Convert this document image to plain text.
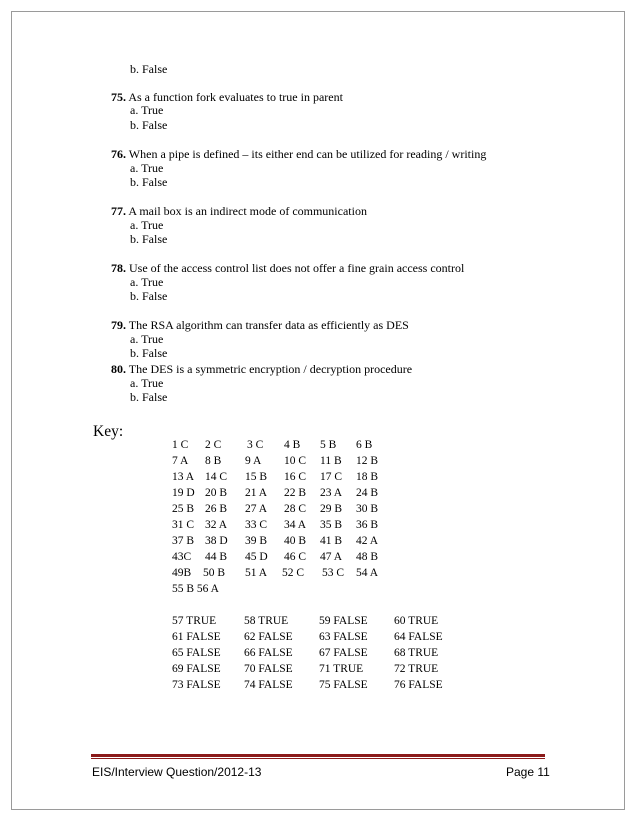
b. False
75. As a function fork evaluates to true in parent
a. True
b. False
76. When a pipe is defined – its either end can be utilized for reading / writing
a. True
b. False
77. A mail box is an indirect mode of communication
a. True
b. False
78. Use of the access control list does not offer a fine grain access control
a. True
b. False
79. The RSA algorithm can transfer data as efficiently as DES
a. True
b. False
80. The DES is a symmetric encryption / decryption procedure
a. True
b. False
Key:
1 C 2 C 3 C 4 B 5 B 6 B
7 A 8 B 9 A 10 C 11 B 12 B
13 A 14 C 15 B 16 C 17 C 18 B
19 D 20 B 21 A 22 B 23 A 24 B
25 B 26 B 27 A 28 C 29 B 30 B
31 C 32 A 33 C 34 A 35 B 36 B
37 B 38 D 39 B 40 B 41 B 42 A
43C 44 B 45 D 46 C 47 A 48 B
49B 50 B 51 A 52 C 53 C 54 A
55 B 56 A
57 TRUE 58 TRUE	59 FALSE 60 TRUE
61 FALSE 62 FALSE 63 FALSE 64 FALSE
65 FALSE 66 FALSE 67 FALSE 68 TRUE
69 FALSE 70 FALSE 71 TRUE	72 TRUE
73 FALSE 74 FALSE 75 FALSE 76 FALSE
EIS/Interview Question/2012-13	Page 11
